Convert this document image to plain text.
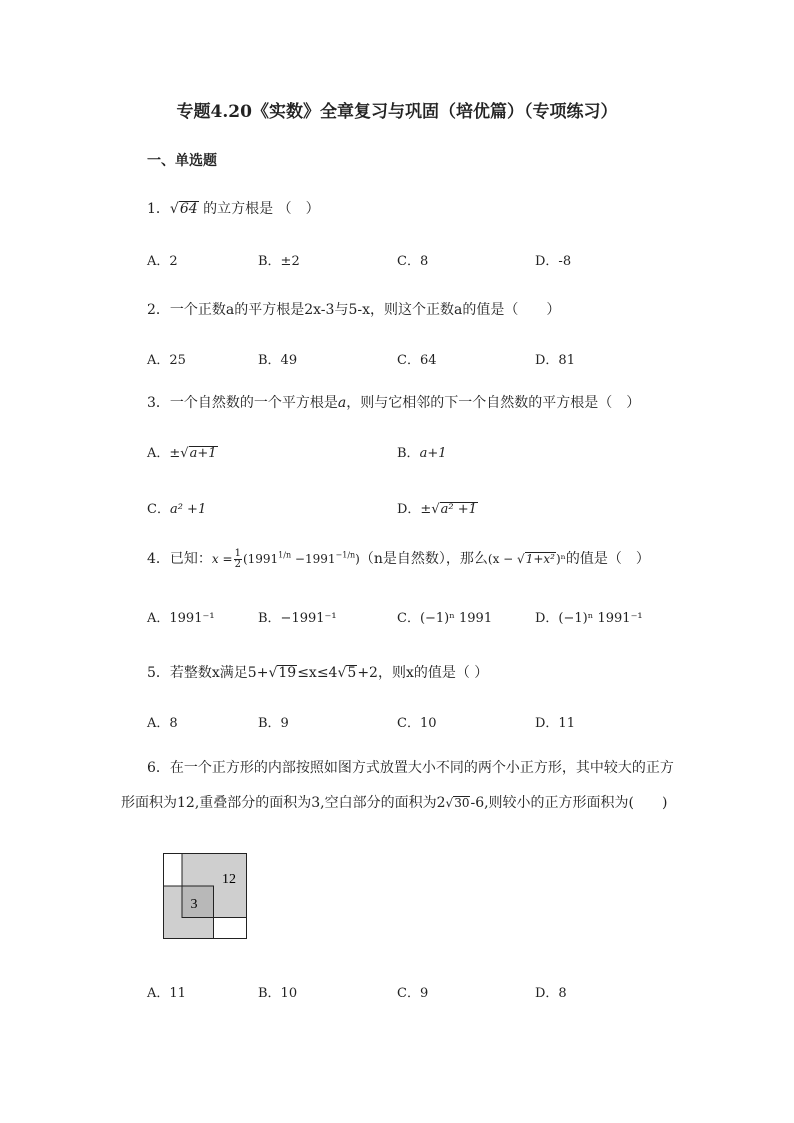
专题4.20《实数》全章复习与巩固（培优篇）（专项练习）
一、单选题
1．√64 的立方根是 （　）
A．2	B．±2	C．8	D．-8
2．一个正数a的平方根是2x-3与5-x，则这个正数a的值是（　　）
A．25	B．49	C．64	D．81
3．一个自然数的一个平方根是a，则与它相邻的下一个自然数的平方根是（　）
A．±√a+1	B．a+1
C．a² +1	D．±√a² +1
4．已知：$x = \frac{1}{2} (1991^{1/n} -1991^{-1/n})(n$是自然数），那么(x − √1+x²)ⁿ的值是（　）
A．1991⁻¹	B．−1991⁻¹	C．(−1)ⁿ 1991	D．(−1)ⁿ 1991⁻¹
5．若整数x满足5+√19≤x≤4√5+2，则x的值是（ ）
A．8	B．9	C．10	D．11
6．在一个正方形的内部按照如图方式放置大小不同的两个小正方形，其中较大的正方
形面积为12,重叠部分的面积为3,空白部分的面积为2√30-6,则较小的正方形面积为(　　)
12
3
A．11	B．10	C．9	D．8
